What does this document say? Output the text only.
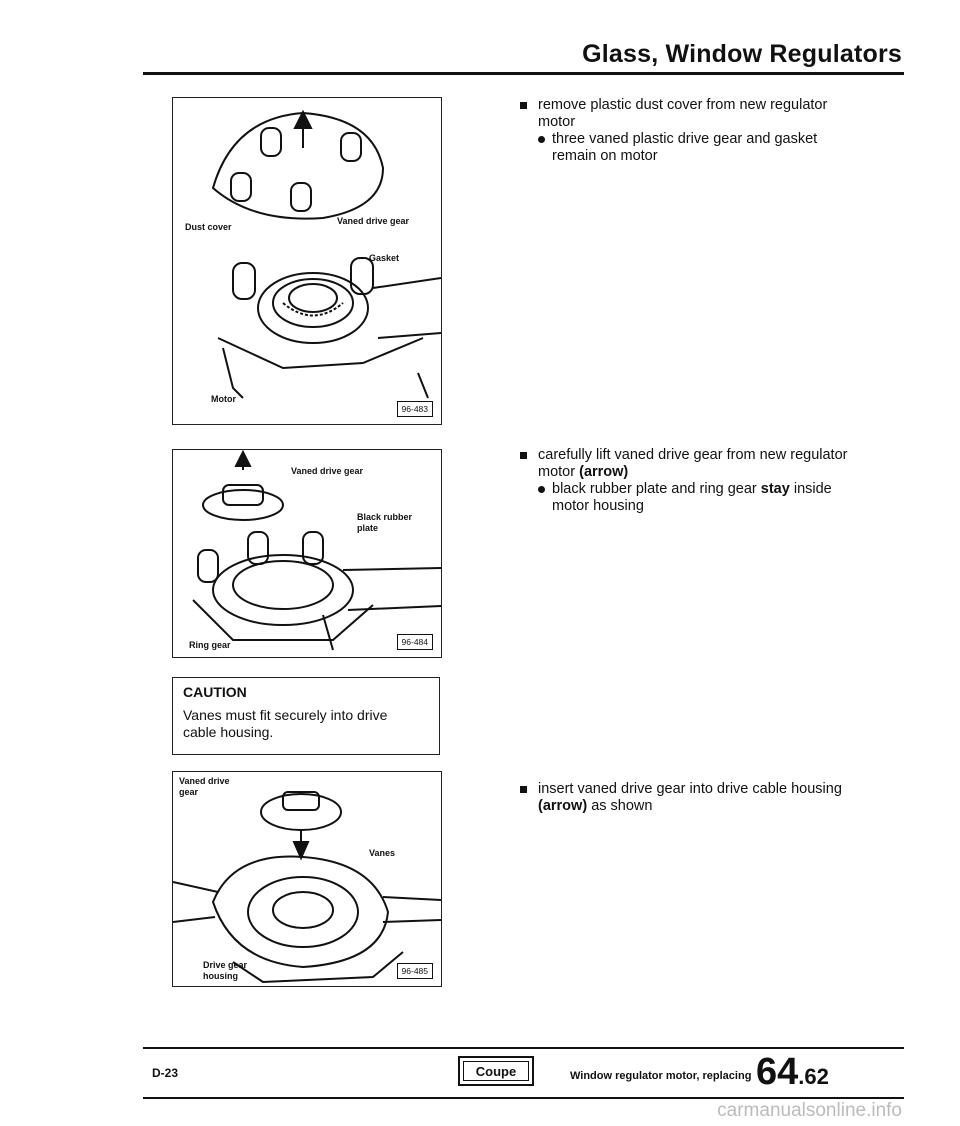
Glass, Window Regulators
Dust cover
Vaned drive gear
Gasket
Motor
96-483
Vaned drive gear
Black rubber plate
Ring gear	96-484
CAUTION
Vanes must fit securely into drive cable housing.
Vaned drive gear
Vanes
Drive gear housing	96-485
remove plastic dust cover from new regulator motor
three vaned plastic drive gear and gasket remain on motor
carefully lift vaned drive gear from new regulator motor (arrow)
black rubber plate and ring gear stay inside motor housing
insert vaned drive gear into drive cable housing (arrow) as shown
D-23	Coupe	Window regulator motor, replacing 64.62
carmanualsonline.info
